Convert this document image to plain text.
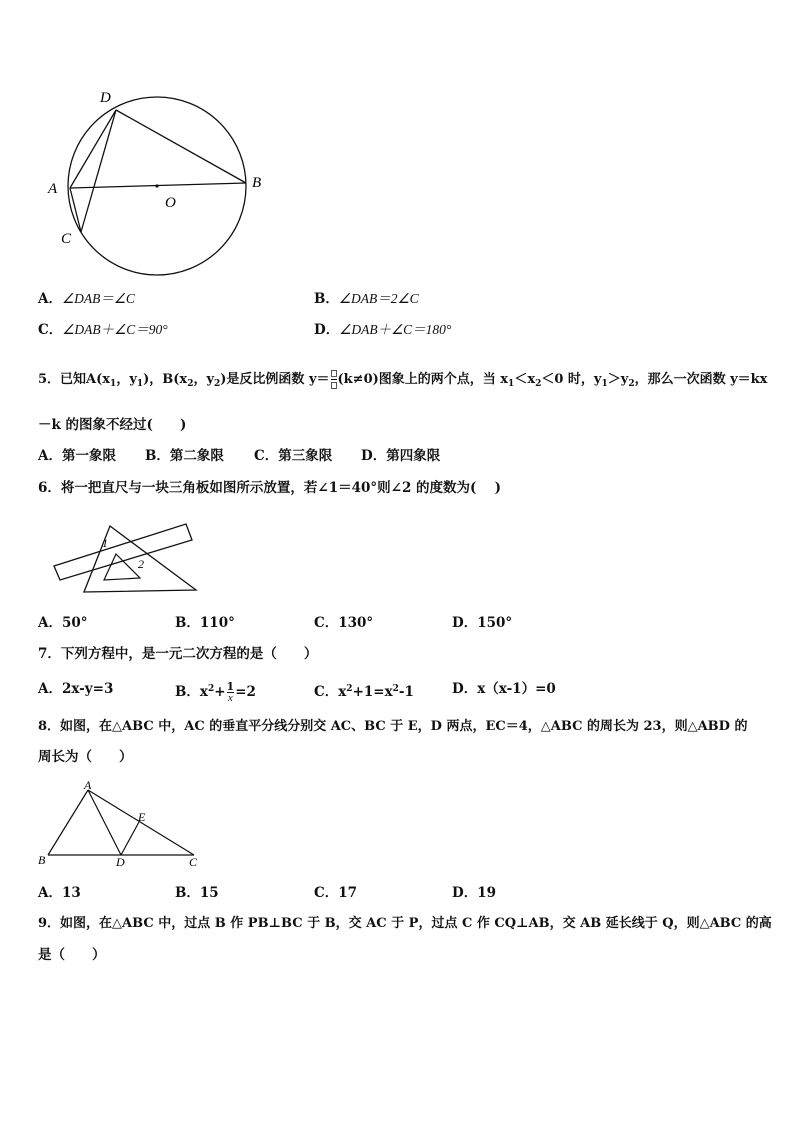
D
A	B
O
C
A．∠DAB＝∠C	B．∠DAB＝2∠C
C．∠DAB＋∠C＝90°	D．∠DAB＋∠C＝180°
5．已知$A(x_1$，$y_1$)，$B(x_2$，$y_2$)是反比例函数 y＝ (k≠0)图象上的两个点，当 $x_1<x_2<0$ 时，$y_1>y_2$，那么一次函数 y＝kx
－k 的图象不经过(　　)
A．第一象限 B．第二象限 C．第三象限 D．第四象限
6．将一把直尺与一块三角板如图所示放置，若∠1＝40°则∠2 的度数为(　 )
1
2
A．50°	B．110°	C．130°	D．150°
7．下列方程中，是一元二次方程的是（　　）
A．2x-y=3	B．$x^2+ \frac{1}{x} =2$	C．$x^2+1=x^2-1$	D．x（x-1）=0
8．如图，在△ABC 中，AC 的垂直平分线分别交 AC、BC 于 E，D 两点，EC＝4，△ABC 的周长为 23，则△ABD 的
周长为（　　）
A
E
B	D	C
A．13	B．15	C．17	D．19
9．如图，在△ABC 中，过点 B 作 PB⊥BC 于 B，交 AC 于 P，过点 C 作 CQ⊥AB，交 AB 延长线于 Q，则△ABC 的高
是（　　）
